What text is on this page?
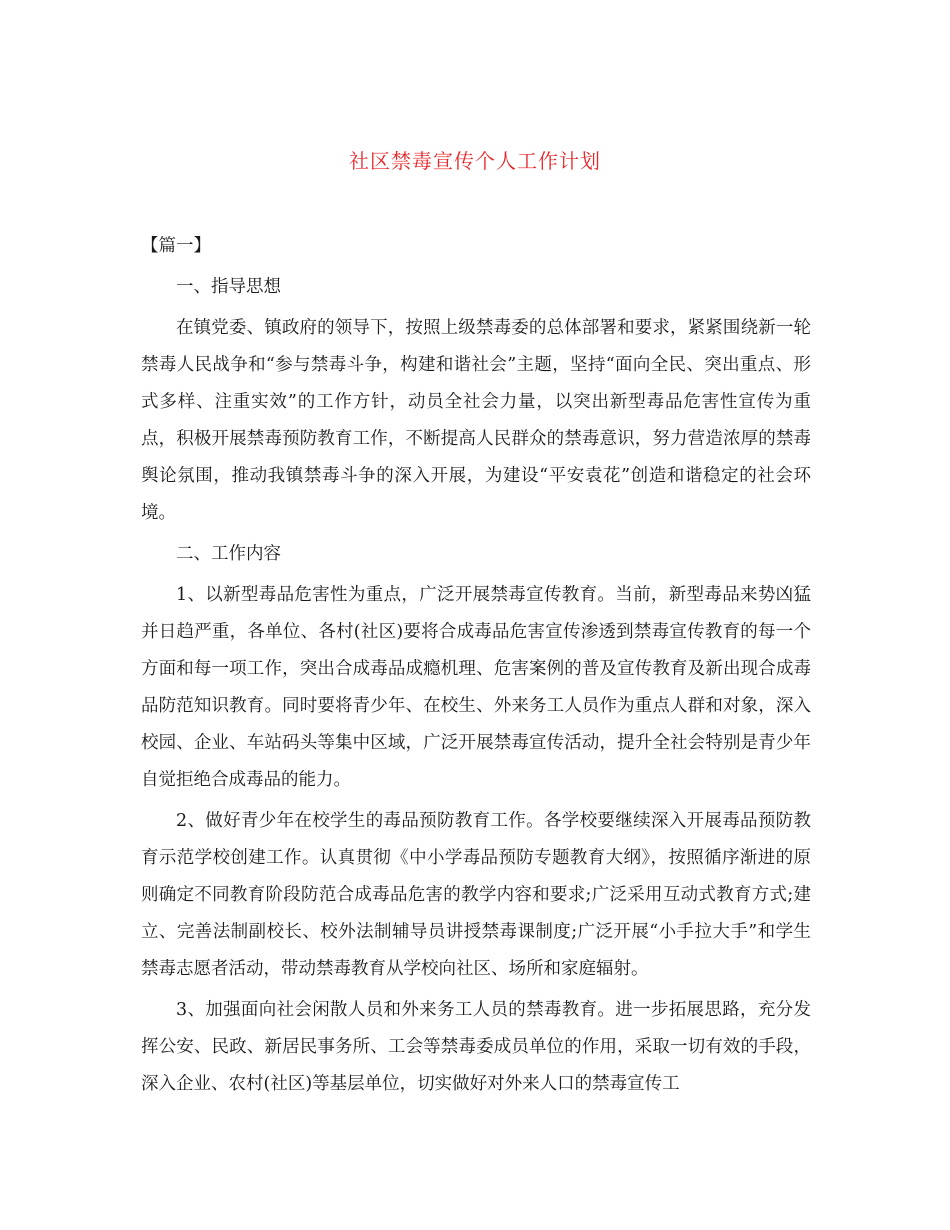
社区禁毒宣传个人工作计划

【篇一】

一、指导思想

在镇党委、镇政府的领导下，按照上级禁毒委的总体部署和要求，紧紧围绕新一轮禁毒人民战争和“参与禁毒斗争，构建和谐社会”主题，坚持“面向全民、突出重点、形式多样、注重实效”的工作方针，动员全社会力量，以突出新型毒品危害性宣传为重点，积极开展禁毒预防教育工作，不断提高人民群众的禁毒意识，努力营造浓厚的禁毒舆论氛围，推动我镇禁毒斗争的深入开展，为建设“平安袁花”创造和谐稳定的社会环境。

二、工作内容

1、以新型毒品危害性为重点，广泛开展禁毒宣传教育。当前，新型毒品来势凶猛并日趋严重，各单位、各村(社区)要将合成毒品危害宣传渗透到禁毒宣传教育的每一个方面和每一项工作，突出合成毒品成瘾机理、危害案例的普及宣传教育及新出现合成毒品防范知识教育。同时要将青少年、在校生、外来务工人员作为重点人群和对象，深入校园、企业、车站码头等集中区域，广泛开展禁毒宣传活动，提升全社会特别是青少年自觉拒绝合成毒品的能力。

2、做好青少年在校学生的毒品预防教育工作。各学校要继续深入开展毒品预防教育示范学校创建工作。认真贯彻《中小学毒品预防专题教育大纲》，按照循序渐进的原则确定不同教育阶段防范合成毒品危害的教学内容和要求;广泛采用互动式教育方式;建立、完善法制副校长、校外法制辅导员讲授禁毒课制度;广泛开展“小手拉大手”和学生禁毒志愿者活动，带动禁毒教育从学校向社区、场所和家庭辐射。

3、加强面向社会闲散人员和外来务工人员的禁毒教育。进一步拓展思路，充分发挥公安、民政、新居民事务所、工会等禁毒委成员单位的作用，采取一切有效的手段，深入企业、农村(社区)等基层单位，切实做好对外来人口的禁毒宣传工
